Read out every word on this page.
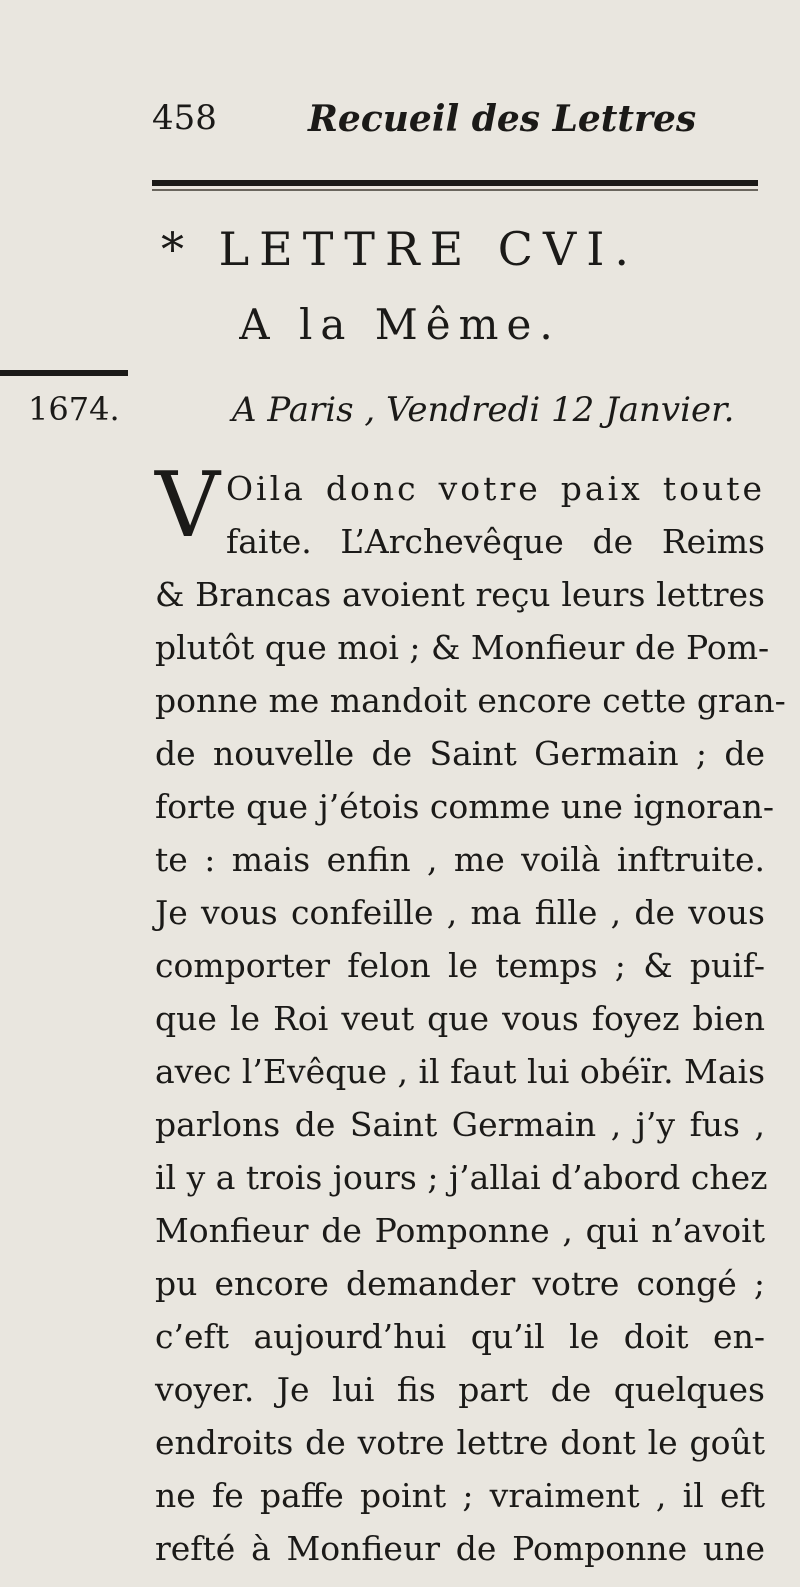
458	Recueil des Lettres
* LETTRE CVI.
A la Même.
1674.	A Paris , Vendredi 12 Janvier.
V Oila donc votre paix toute
faite. L’Archevêque de Reims
& Brancas avoient reçu leurs lettres
plutôt que moi ; & Monfieur de Pom-
ponne me mandoit encore cette gran-
de nouvelle de Saint Germain ; de
forte que j’étois comme une ignoran-
te : mais enfin , me voilà inftruite.
Je vous confeille , ma fille , de vous
comporter felon le temps ; & puif-
que le Roi veut que vous foyez bien
avec l’Evêque , il faut lui obéïr. Mais
parlons de Saint Germain , j’y fus ,
il y a trois jours ; j’allai d’abord chez
Monfieur de Pomponne , qui n’avoit
pu encore demander votre congé ;
c’eft aujourd’hui qu’il le doit en-
voyer. Je lui fis part de quelques
endroits de votre lettre dont le goût
ne fe paffe point ; vraiment , il eft
refté à Monfieur de Pomponne une
